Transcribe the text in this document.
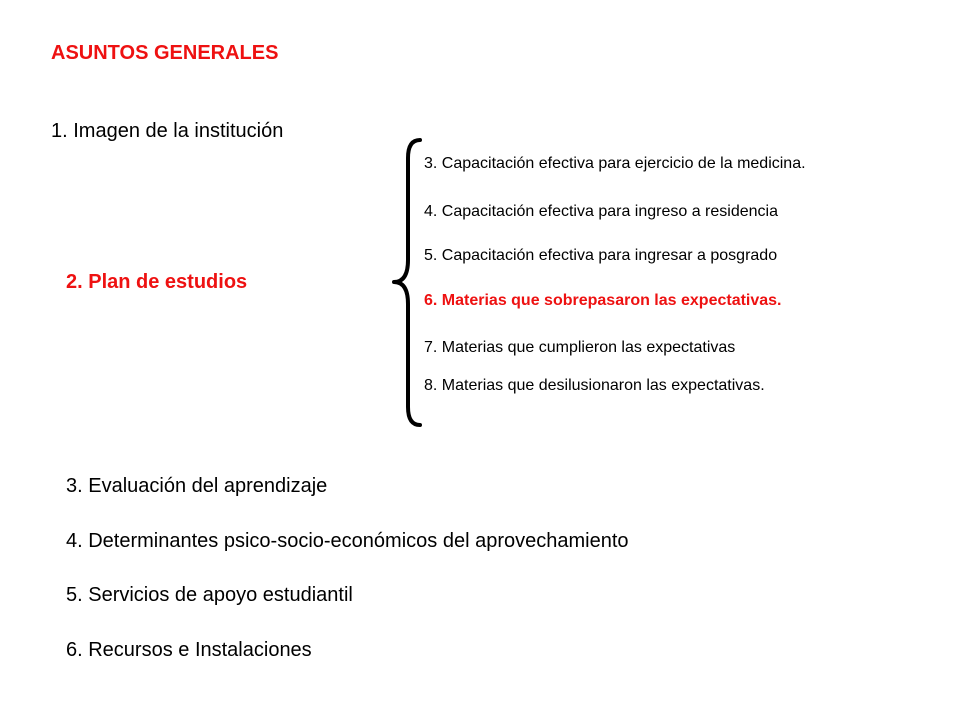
ASUNTOS GENERALES
1. Imagen de la institución
2. Plan de estudios
3. Capacitación efectiva para ejercicio de la medicina.
4. Capacitación efectiva para ingreso a residencia
5. Capacitación efectiva para ingresar a posgrado
6. Materias que sobrepasaron las expectativas.
7. Materias que cumplieron las expectativas
8. Materias que desilusionaron las expectativas.
3. Evaluación del aprendizaje
4. Determinantes psico-socio-económicos del aprovechamiento
5. Servicios de apoyo estudiantil
6. Recursos e Instalaciones
